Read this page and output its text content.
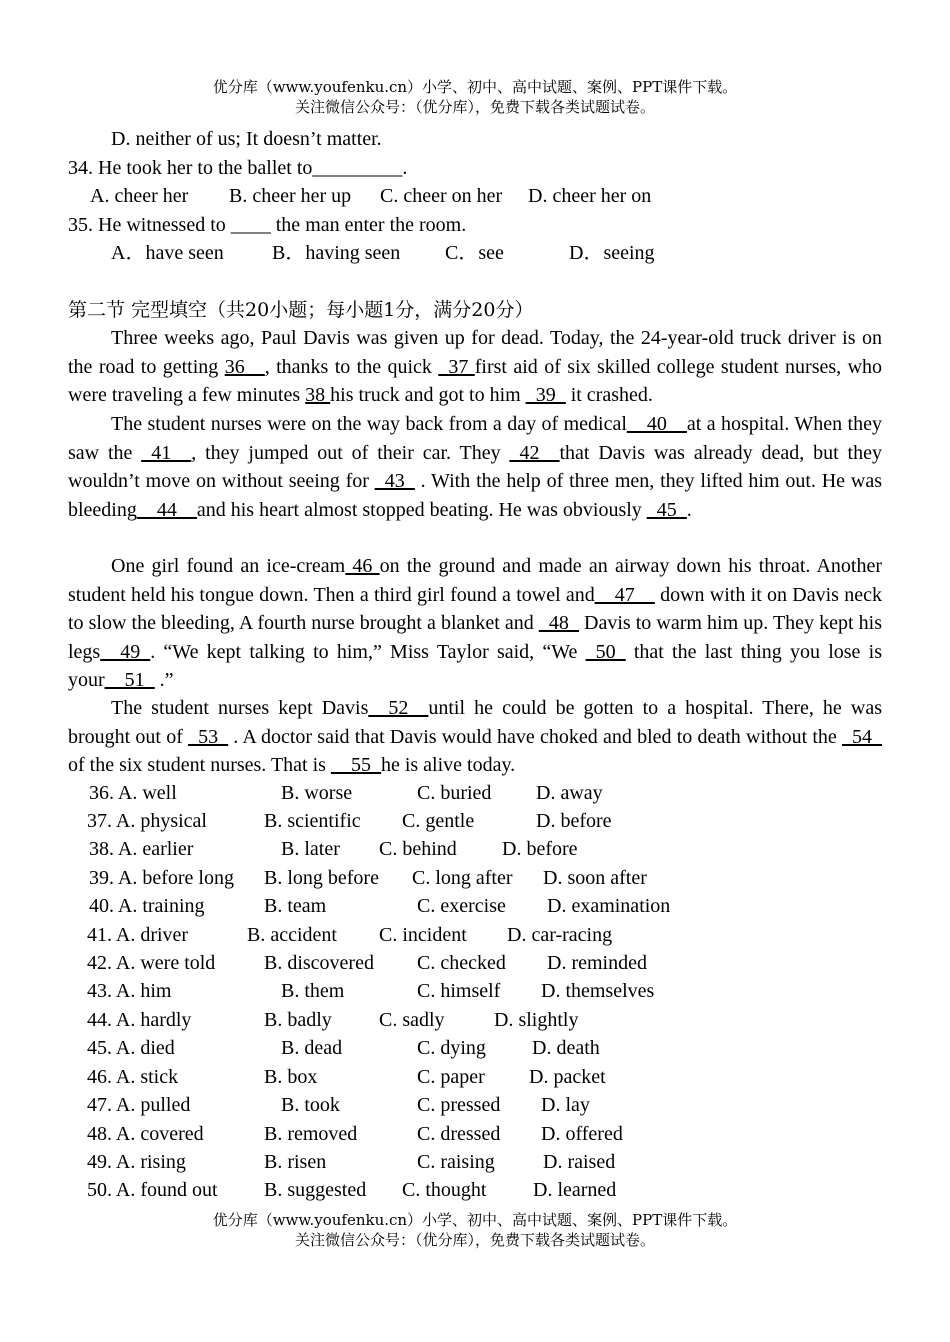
优分库（www.youfenku.cn）小学、初中、高中试题、案例、PPT课件下载。
关注微信公众号：（优分库），免费下载各类试题试卷。
D. neither of us; It doesn’t matter.
34. He took her to the ballet to_________.
A. cheer her B. cheer her up C. cheer on her D. cheer her on
35. He witnessed to ____ the man enter the room.
A．have seen B．having seen C．see	D．seeing
第二节 完型填空（共20小题；每小题1分，满分20分）
Three weeks ago, Paul Davis was given up for dead. Today, the 24-year-old truck driver is on the road to getting 36__, thanks to the quick _37 first aid of six skilled college student nurses, who were traveling a few minutes 38 his truck and got to him _39_ it crashed.
The student nurses were on the way back from a day of medical__40__at a hospital. When they saw the _41__, they jumped out of their car. They _42__that Davis was already dead, but they wouldn’t move on without seeing for _43_ . With the help of three men, they lifted him out. He was bleeding__44__and his heart almost stopped beating. He was obviously _45_.
One girl found an ice-cream 46 on the ground and made an airway down his throat. Another student held his tongue down. Then a third girl found a towel and__47__ down with it on Davis neck to slow the bleeding, A fourth nurse brought a blanket and _48_ Davis to warm him up. They kept his legs__49_. “We kept talking to him,” Miss Taylor said, “We _50_ that the last thing you lose is your__51_ .”
The student nurses kept Davis__52__until he could be gotten to a hospital. There, he was brought out of _53_ . A doctor said that Davis would have choked and bled to death without the _54_ of the six student nurses. That is __55_he is alive today.
36. A. well	B. worse	C. buried D. away
37. A. physical	B. scientific C. gentle	D. before
38. A. earlier	B. later C. behind D. before
39. A. before long B. long before C. long after D. soon after
40. A. training	B. team	C. exercise D. examination
41. A. driver	B. accident C. incident D. car-racing
42. A. were told B. discovered C. checked D. reminded
43. A. him	B. them	C. himself D. themselves
44. A. hardly	B. badly C. sadly D. slightly
45. A. died	B. dead	C. dying D. death
46. A. stick	B. box	C. paper D. packet
47. A. pulled	B. took	C. pressed D. lay
48. A. covered	B. removed	C. dressed D. offered
49. A. rising	B. risen	C. raising D. raised
50. A. found out B. suggested C. thought D. learned
优分库（www.youfenku.cn）小学、初中、高中试题、案例、PPT课件下载。
关注微信公众号：（优分库），免费下载各类试题试卷。
